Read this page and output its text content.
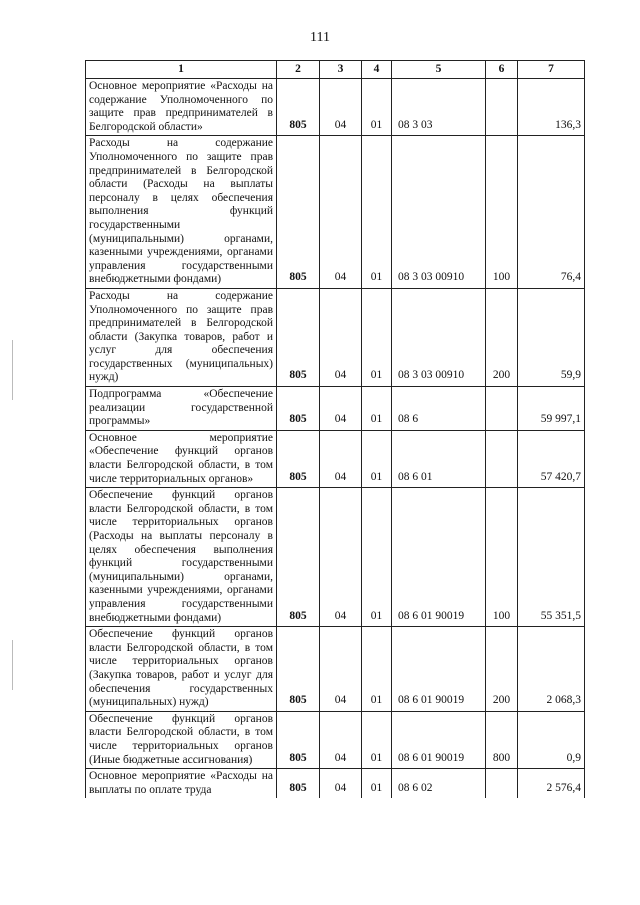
111
1	2	3	4	5	6	7
Основное мероприятие «Расходы на содержание Уполномоченного по защите прав предпринимателей в Белгородской области»	805	04	01	08 3 03		136,3
Расходы на содержание Уполномоченного по защите прав предпринимателей в Белгородской области (Расходы на выплаты персоналу в целях обеспечения выполнения функций государственными (муниципальными) органами, казенными учреждениями, органами управления государственными внебюджетными фондами)	805	04	01	08 3 03 00910	100	76,4
Расходы на содержание Уполномоченного по защите прав предпринимателей в Белгородской области (Закупка товаров, работ и услуг для обеспечения государственных (муниципальных) нужд)	805	04	01	08 3 03 00910	200	59,9
Подпрограмма «Обеспечение реализации государственной программы»	805	04	01	08 6		59 997,1
Основное мероприятие «Обеспечение функций органов власти Белгородской области, в том числе территориальных органов»	805	04	01	08 6 01		57 420,7
Обеспечение функций органов власти Белгородской области, в том числе территориальных органов (Расходы на выплаты персоналу в целях обеспечения выполнения функций государственными (муниципальными) органами, казенными учреждениями, органами управления государственными внебюджетными фондами)	805	04	01	08 6 01 90019	100	55 351,5
Обеспечение функций органов власти Белгородской области, в том числе территориальных органов (Закупка товаров, работ и услуг для обеспечения государственных (муниципальных) нужд)	805	04	01	08 6 01 90019	200	2 068,3
Обеспечение функций органов власти Белгородской области, в том числе территориальных органов (Иные бюджетные ассигнования)	805	04	01	08 6 01 90019	800	0,9
Основное мероприятие «Расходы на выплаты по оплате труда	805	04	01	08 6 02		2 576,4
